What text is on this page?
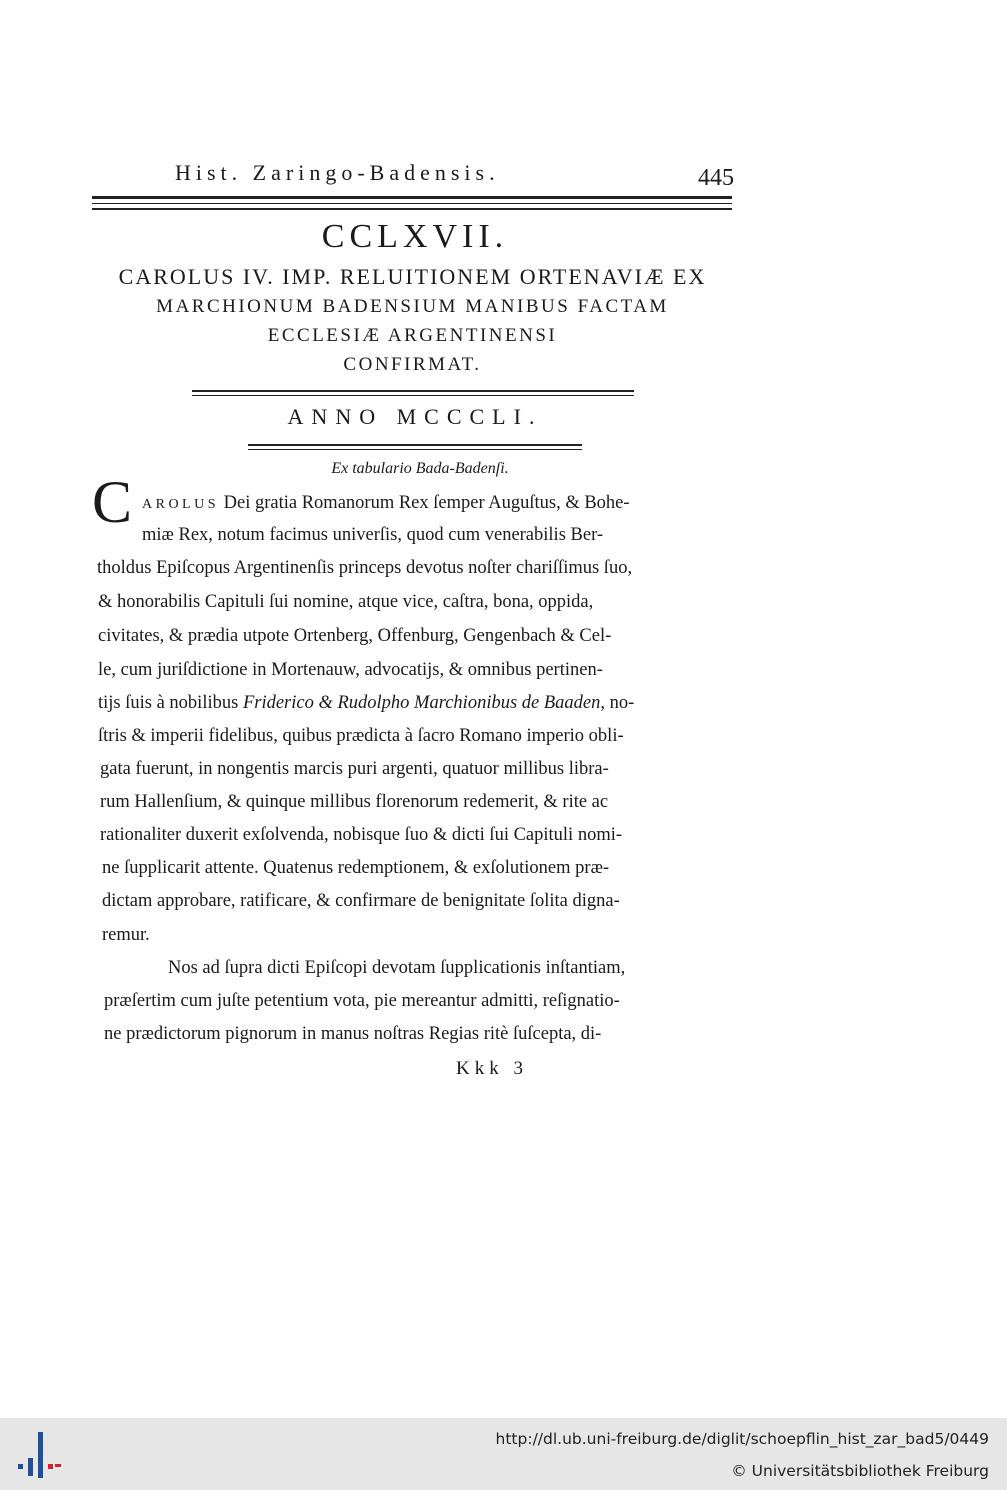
Hist. Zaringo-Badensis.	445
CCLXVII.
CAROLUS IV. IMP. RELUITIONEM ORTENAVIÆ EX
MARCHIONUM BADENSIUM MANIBUS FACTAM
ECCLESIÆ ARGENTINENSI
CONFIRMAT.
ANNO MCCCLI.
Ex tabulario Bada-Badenſi.
C AROLUS Dei gratia Romanorum Rex ſemper Auguſtus, & Bohe-
miæ Rex, notum facimus univerſis, quod cum venerabilis Ber-
tholdus Epiſcopus Argentinenſis princeps devotus noſter chariſſimus ſuo,
& honorabilis Capituli ſui nomine, atque vice, caſtra, bona, oppida,
civitates, & prædia utpote Ortenberg, Offenburg, Gengenbach & Cel-
le, cum juriſdictione in Mortenauw, advocatijs, & omnibus pertinen-
tijs ſuis à nobilibus Friderico & Rudolpho Marchionibus de Baaden, no-
ſtris & imperii fidelibus, quibus prædicta à ſacro Romano imperio obli-
gata fuerunt, in nongentis marcis puri argenti, quatuor millibus libra-
rum Hallenſium, & quinque millibus florenorum redemerit, & rite ac
rationaliter duxerit exſolvenda, nobisque ſuo & dicti ſui Capituli nomi-
ne ſupplicarit attente. Quatenus redemptionem, & exſolutionem præ-
dictam approbare, ratificare, & confirmare de benignitate ſolita digna-
remur.
Nos ad ſupra dicti Epiſcopi devotam ſupplicationis inſtantiam,
præſertim cum juſte petentium vota, pie mereantur admitti, reſignatio-
ne prædictorum pignorum in manus noſtras Regias ritè ſuſcepta, di-
Kkk 3
http://dl.ub.uni-freiburg.de/diglit/schoepflin_hist_zar_bad5/0449
© Universitätsbibliothek Freiburg
